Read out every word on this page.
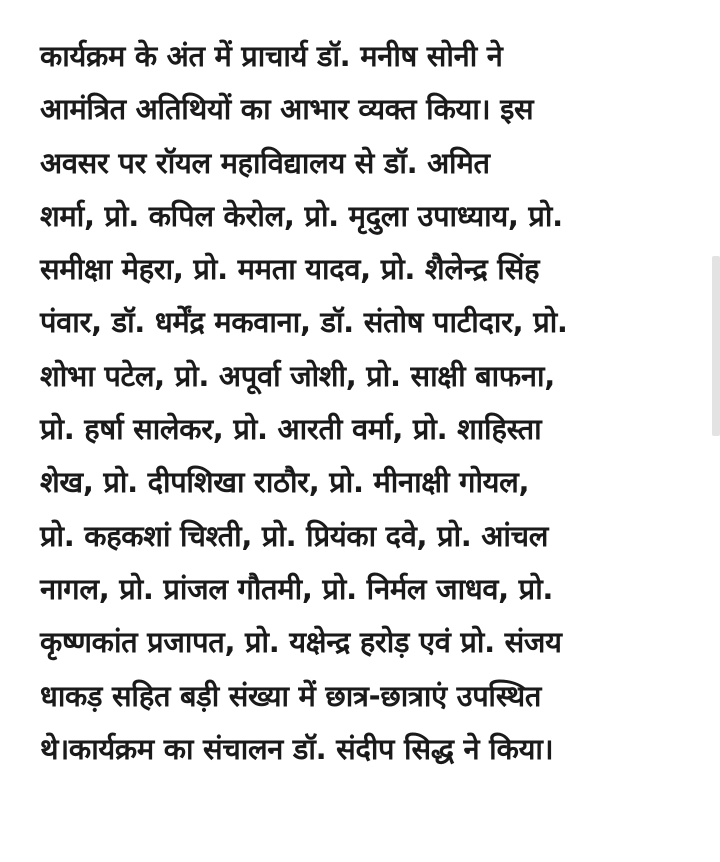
कार्यक्रम के अंत में प्राचार्य डॉ. मनीष सोनी ने
आमंत्रित अतिथियों का आभार व्यक्त किया। इस
अवसर पर रॉयल महाविद्यालय से डॉ. अमित
शर्मा, प्रो. कपिल केरोल, प्रो. मृदुला उपाध्याय, प्रो.
समीक्षा मेहरा, प्रो. ममता यादव, प्रो. शैलेन्द्र सिंह
पंवार, डॉ. धर्मेंद्र मकवाना, डॉ. संतोष पाटीदार, प्रो.
शोभा पटेल, प्रो. अपूर्वा जोशी, प्रो. साक्षी बाफना,
प्रो. हर्षा सालेकर, प्रो. आरती वर्मा, प्रो. शाहिस्ता
शेख, प्रो. दीपशिखा राठौर, प्रो. मीनाक्षी गोयल,
प्रो. कहकशां चिश्ती, प्रो. प्रियंका दवे, प्रो. आंचल
नागल, प्रो. प्रांजल गौतमी, प्रो. निर्मल जाधव, प्रो.
कृष्णकांत प्रजापत, प्रो. यक्षेन्द्र हरोड़ एवं प्रो. संजय
धाकड़ सहित बड़ी संख्या में छात्र-छात्राएं उपस्थित
थे।कार्यक्रम का संचालन डॉ. संदीप सिद्ध ने किया।
